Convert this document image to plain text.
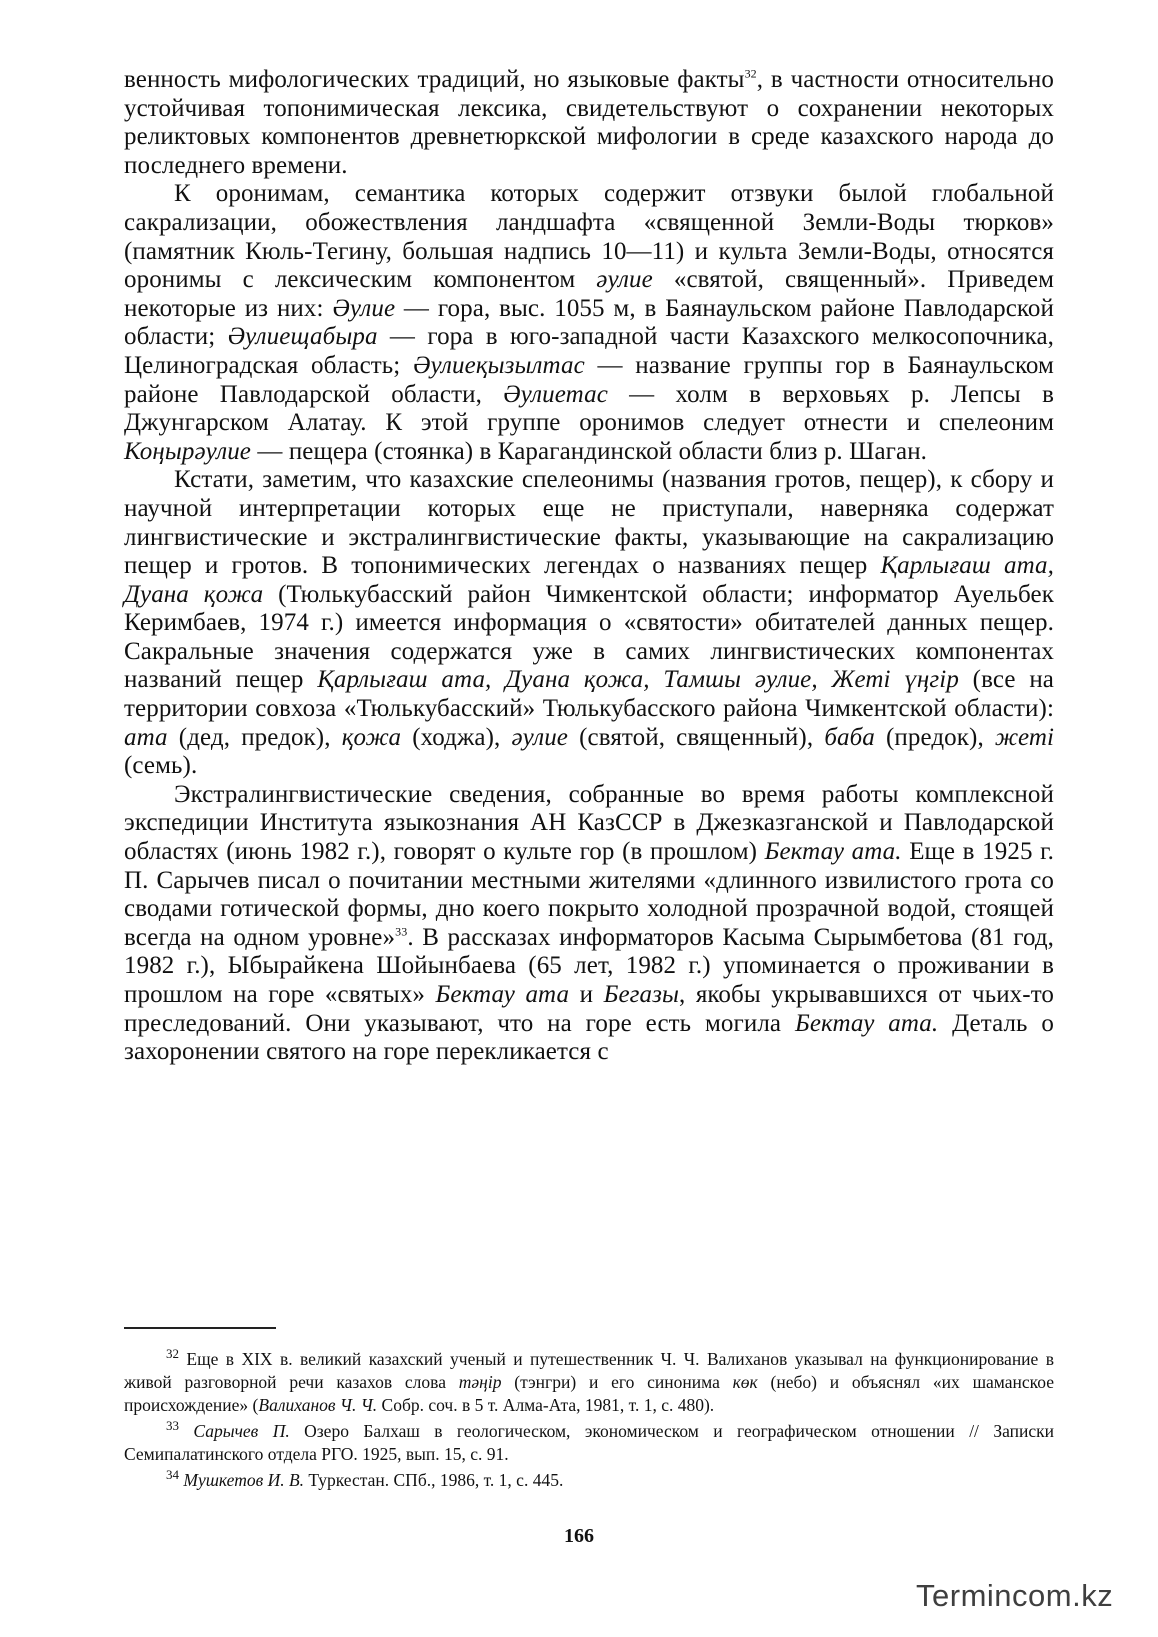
венность мифологических традиций, но языковые факты$^{32}$, в частности относительно устойчивая топонимическая лексика, свидетельствуют о сохранении некоторых реликтовых компонентов древнетюркской мифологии в среде казахского народа до последнего времени.

К оронимам, семантика которых содержит отзвуки былой глобальной сакрализации, обожествления ландшафта «священной Земли-Воды тюрков» (памятник Кюль-Тегину, большая надпись 10—11) и культа Земли-Воды, относятся оронимы с лексическим компонентом әулие «святой, священный». Приведем некоторые из них: Әулие — гора, выс. 1055 м, в Баянаульском районе Павлодарской области; Әулиещабыра — гора в юго-западной части Казахского мелкосопочника, Целиноградская область; Әулиеқызылтас — название группы гор в Баянаульском районе Павлодарской области, Әулиетас — холм в верховьях р. Лепсы в Джунгарском Алатау. К этой группе оронимов следует отнести и спелеоним Коңырәулие — пещера (стоянка) в Карагандинской области близ р. Шаган.

Кстати, заметим, что казахские спелеонимы (названия гротов, пещер), к сбору и научной интерпретации которых еще не приступали, наверняка содержат лингвистические и экстралингвистические факты, указывающие на сакрализацию пещер и гротов. В топонимических легендах о названиях пещер Қарлығаш ата, Дуана қожа (Тюлькубасский район Чимкентской области; информатор Ауельбек Керимбаев, 1974 г.) имеется информация о «святости» обитателей данных пещер. Сакральные значения содержатся уже в самих лингвистических компонентах названий пещер Қарлығаш ата, Дуана қожа, Тамшы әулие, Жеті үңгір (все на территории совхоза «Тюлькубасский» Тюлькубасского района Чимкентской области): ата (дед, предок), қожа (ходжа), әулие (святой, священный), баба (предок), жеті (семь).

Экстралингвистические сведения, собранные во время работы комплексной экспедиции Института языкознания АН КазССР в Джезказганской и Павлодарской областях (июнь 1982 г.), говорят о культе гор (в прошлом) Бектау ата. Еще в 1925 г. П. Сарычев писал о почитании местными жителями «длинного извилистого грота со сводами готической формы, дно коего покрыто холодной прозрачной водой, стоящей всегда на одном уровне»$^{33}$. В рассказах информаторов Касыма Сырымбетова (81 год, 1982 г.), Ыбырайкена Шойынбаева (65 лет, 1982 г.) упоминается о проживании в прошлом на горе «святых» Бектау ата и Бегазы, якобы укрывавшихся от чьих-то преследований. Они указывают, что на горе есть могила Бектау ата. Деталь о захоронении святого на горе перекликается с

$^{32}$ Еще в XIX в. великий казахский ученый и путешественник Ч. Ч. Валиханов указывал на функционирование в живой разговорной речи казахов слова тәңір (тэнгри) и его синонима көк (небо) и объяснял «их шаманское происхождение» (Валиханов Ч. Ч. Собр. соч. в 5 т. Алма-Ата, 1981, т. 1, с. 480).

$^{33}$ Сарычев П. Озеро Балхаш в геологическом, экономическом и географическом отношении // Записки Семипалатинского отдела РГО. 1925, вып. 15, с. 91.

$^{34}$ Мушкетов И. В. Туркестан. СПб., 1986, т. 1, с. 445.

166
Termincom.kz
